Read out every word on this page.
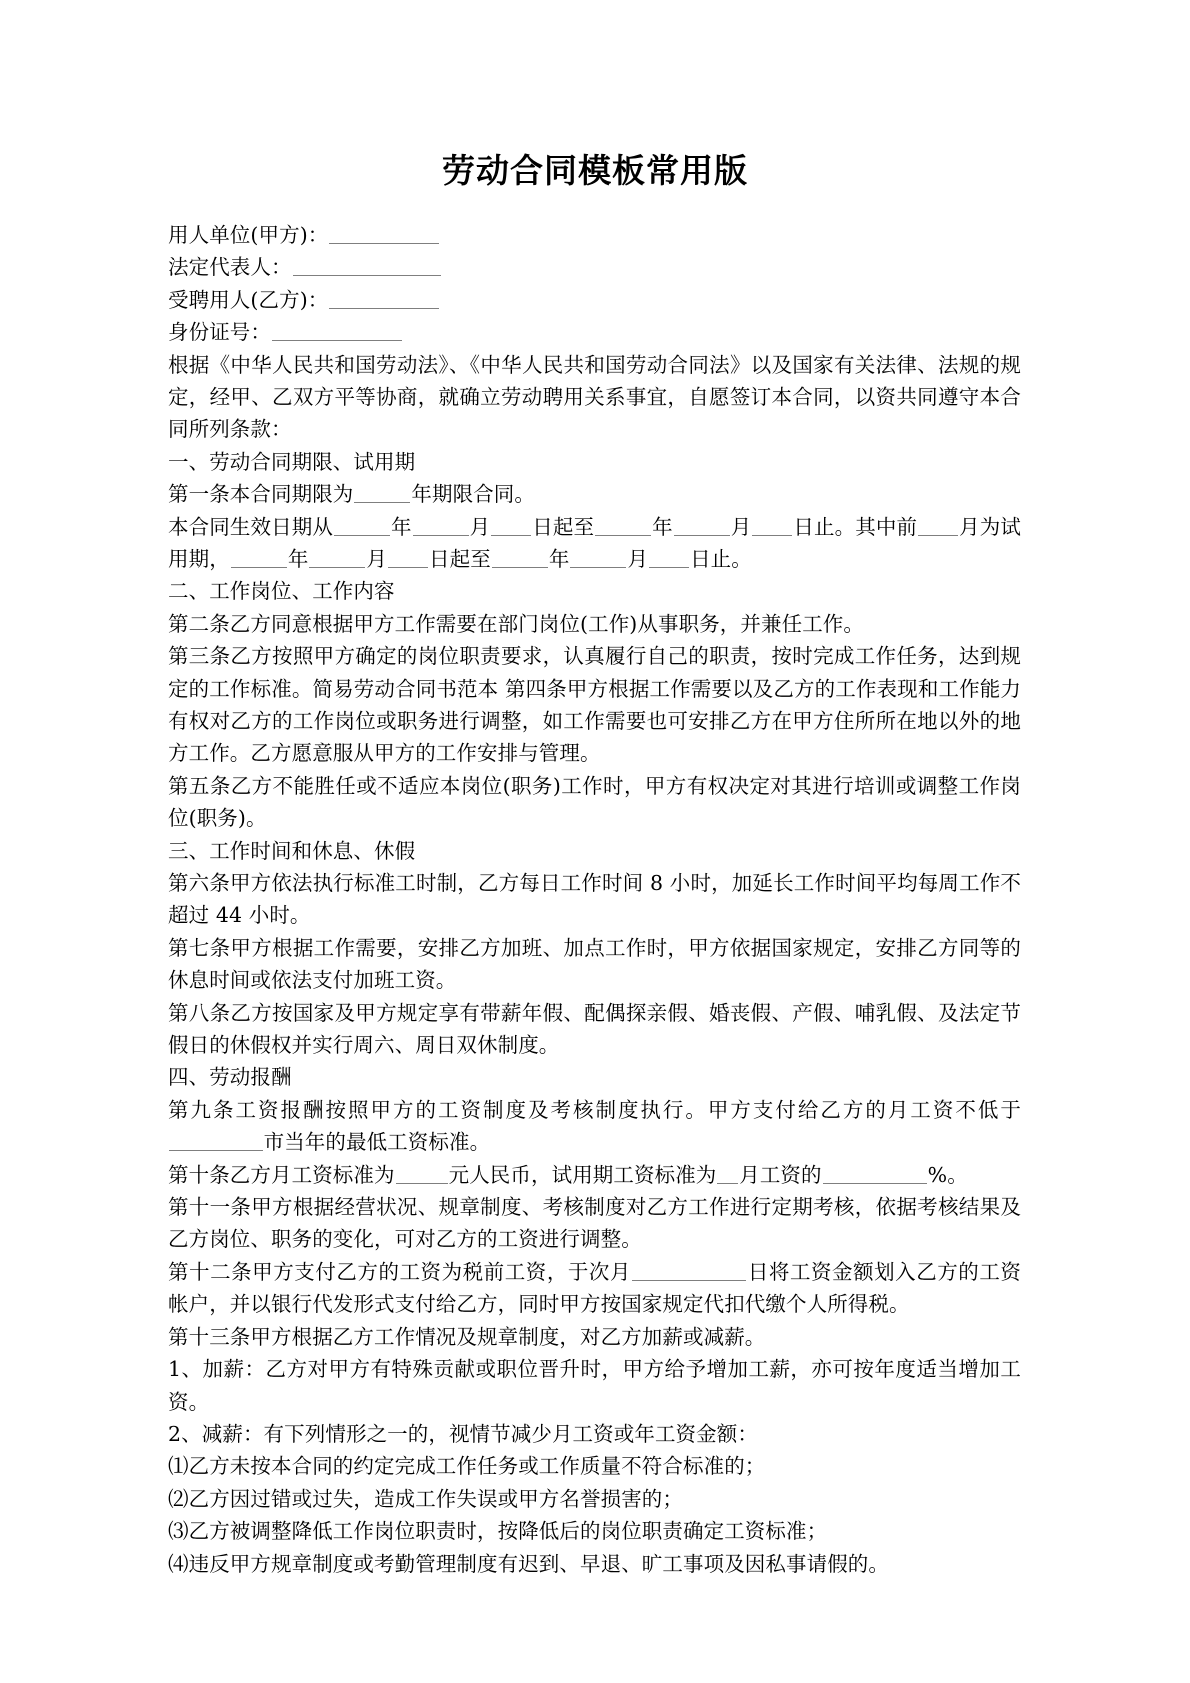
劳动合同模板常用版

用人单位(甲方)：

法定代表人：

受聘用人(乙方)：

身份证号：

根据《中华人民共和国劳动法》、《中华人民共和国劳动合同法》以及国家有关法律、法规的规定，经甲、乙双方平等协商，就确立劳动聘用关系事宜，自愿签订本合同，以资共同遵守本合同所列条款：

一、劳动合同期限、试用期

第一条本合同期限为	年期限合同。

本合同生效日期从	年	月 日起至	年	月 日止。其中前 月为试用期，	年	月 日起至	年	月 日止。

二、工作岗位、工作内容

第二条乙方同意根据甲方工作需要在部门岗位(工作)从事职务，并兼任工作。

第三条乙方按照甲方确定的岗位职责要求，认真履行自己的职责，按时完成工作任务，达到规定的工作标准。简易劳动合同书范本 第四条甲方根据工作需要以及乙方的工作表现和工作能力有权对乙方的工作岗位或职务进行调整，如工作需要也可安排乙方在甲方住所所在地以外的地方工作。乙方愿意服从甲方的工作安排与管理。

第五条乙方不能胜任或不适应本岗位(职务)工作时，甲方有权决定对其进行培训或调整工作岗位(职务)。

三、工作时间和休息、休假

第六条甲方依法执行标准工时制，乙方每日工作时间 8 小时，加延长工作时间平均每周工作不超过 44 小时。

第七条甲方根据工作需要，安排乙方加班、加点工作时，甲方依据国家规定，安排乙方同等的休息时间或依法支付加班工资。

第八条乙方按国家及甲方规定享有带薪年假、配偶探亲假、婚丧假、产假、哺乳假、及法定节假日的休假权并实行周六、周日双休制度。

四、劳动报酬

第九条工资报酬按照甲方的工资制度及考核制度执行。甲方支付给乙方的月工资不低于市当年的最低工资标准。

第十条乙方月工资标准为	元人民币，试用期工资标准为 月工资的	%。

第十一条甲方根据经营状况、规章制度、考核制度对乙方工作进行定期考核，依据考核结果及乙方岗位、职务的变化，可对乙方的工资进行调整。

第十二条甲方支付乙方的工资为税前工资，于次月	日将工资金额划入乙方的工资帐户，并以银行代发形式支付给乙方，同时甲方按国家规定代扣代缴个人所得税。

第十三条甲方根据乙方工作情况及规章制度，对乙方加薪或减薪。

1、加薪：乙方对甲方有特殊贡献或职位晋升时，甲方给予增加工薪，亦可按年度适当增加工资。

2、减薪：有下列情形之一的，视情节减少月工资或年工资金额：

⑴乙方未按本合同的约定完成工作任务或工作质量不符合标准的；

⑵乙方因过错或过失，造成工作失误或甲方名誉损害的；

⑶乙方被调整降低工作岗位职责时，按降低后的岗位职责确定工资标准；

⑷违反甲方规章制度或考勤管理制度有迟到、早退、旷工事项及因私事请假的。
